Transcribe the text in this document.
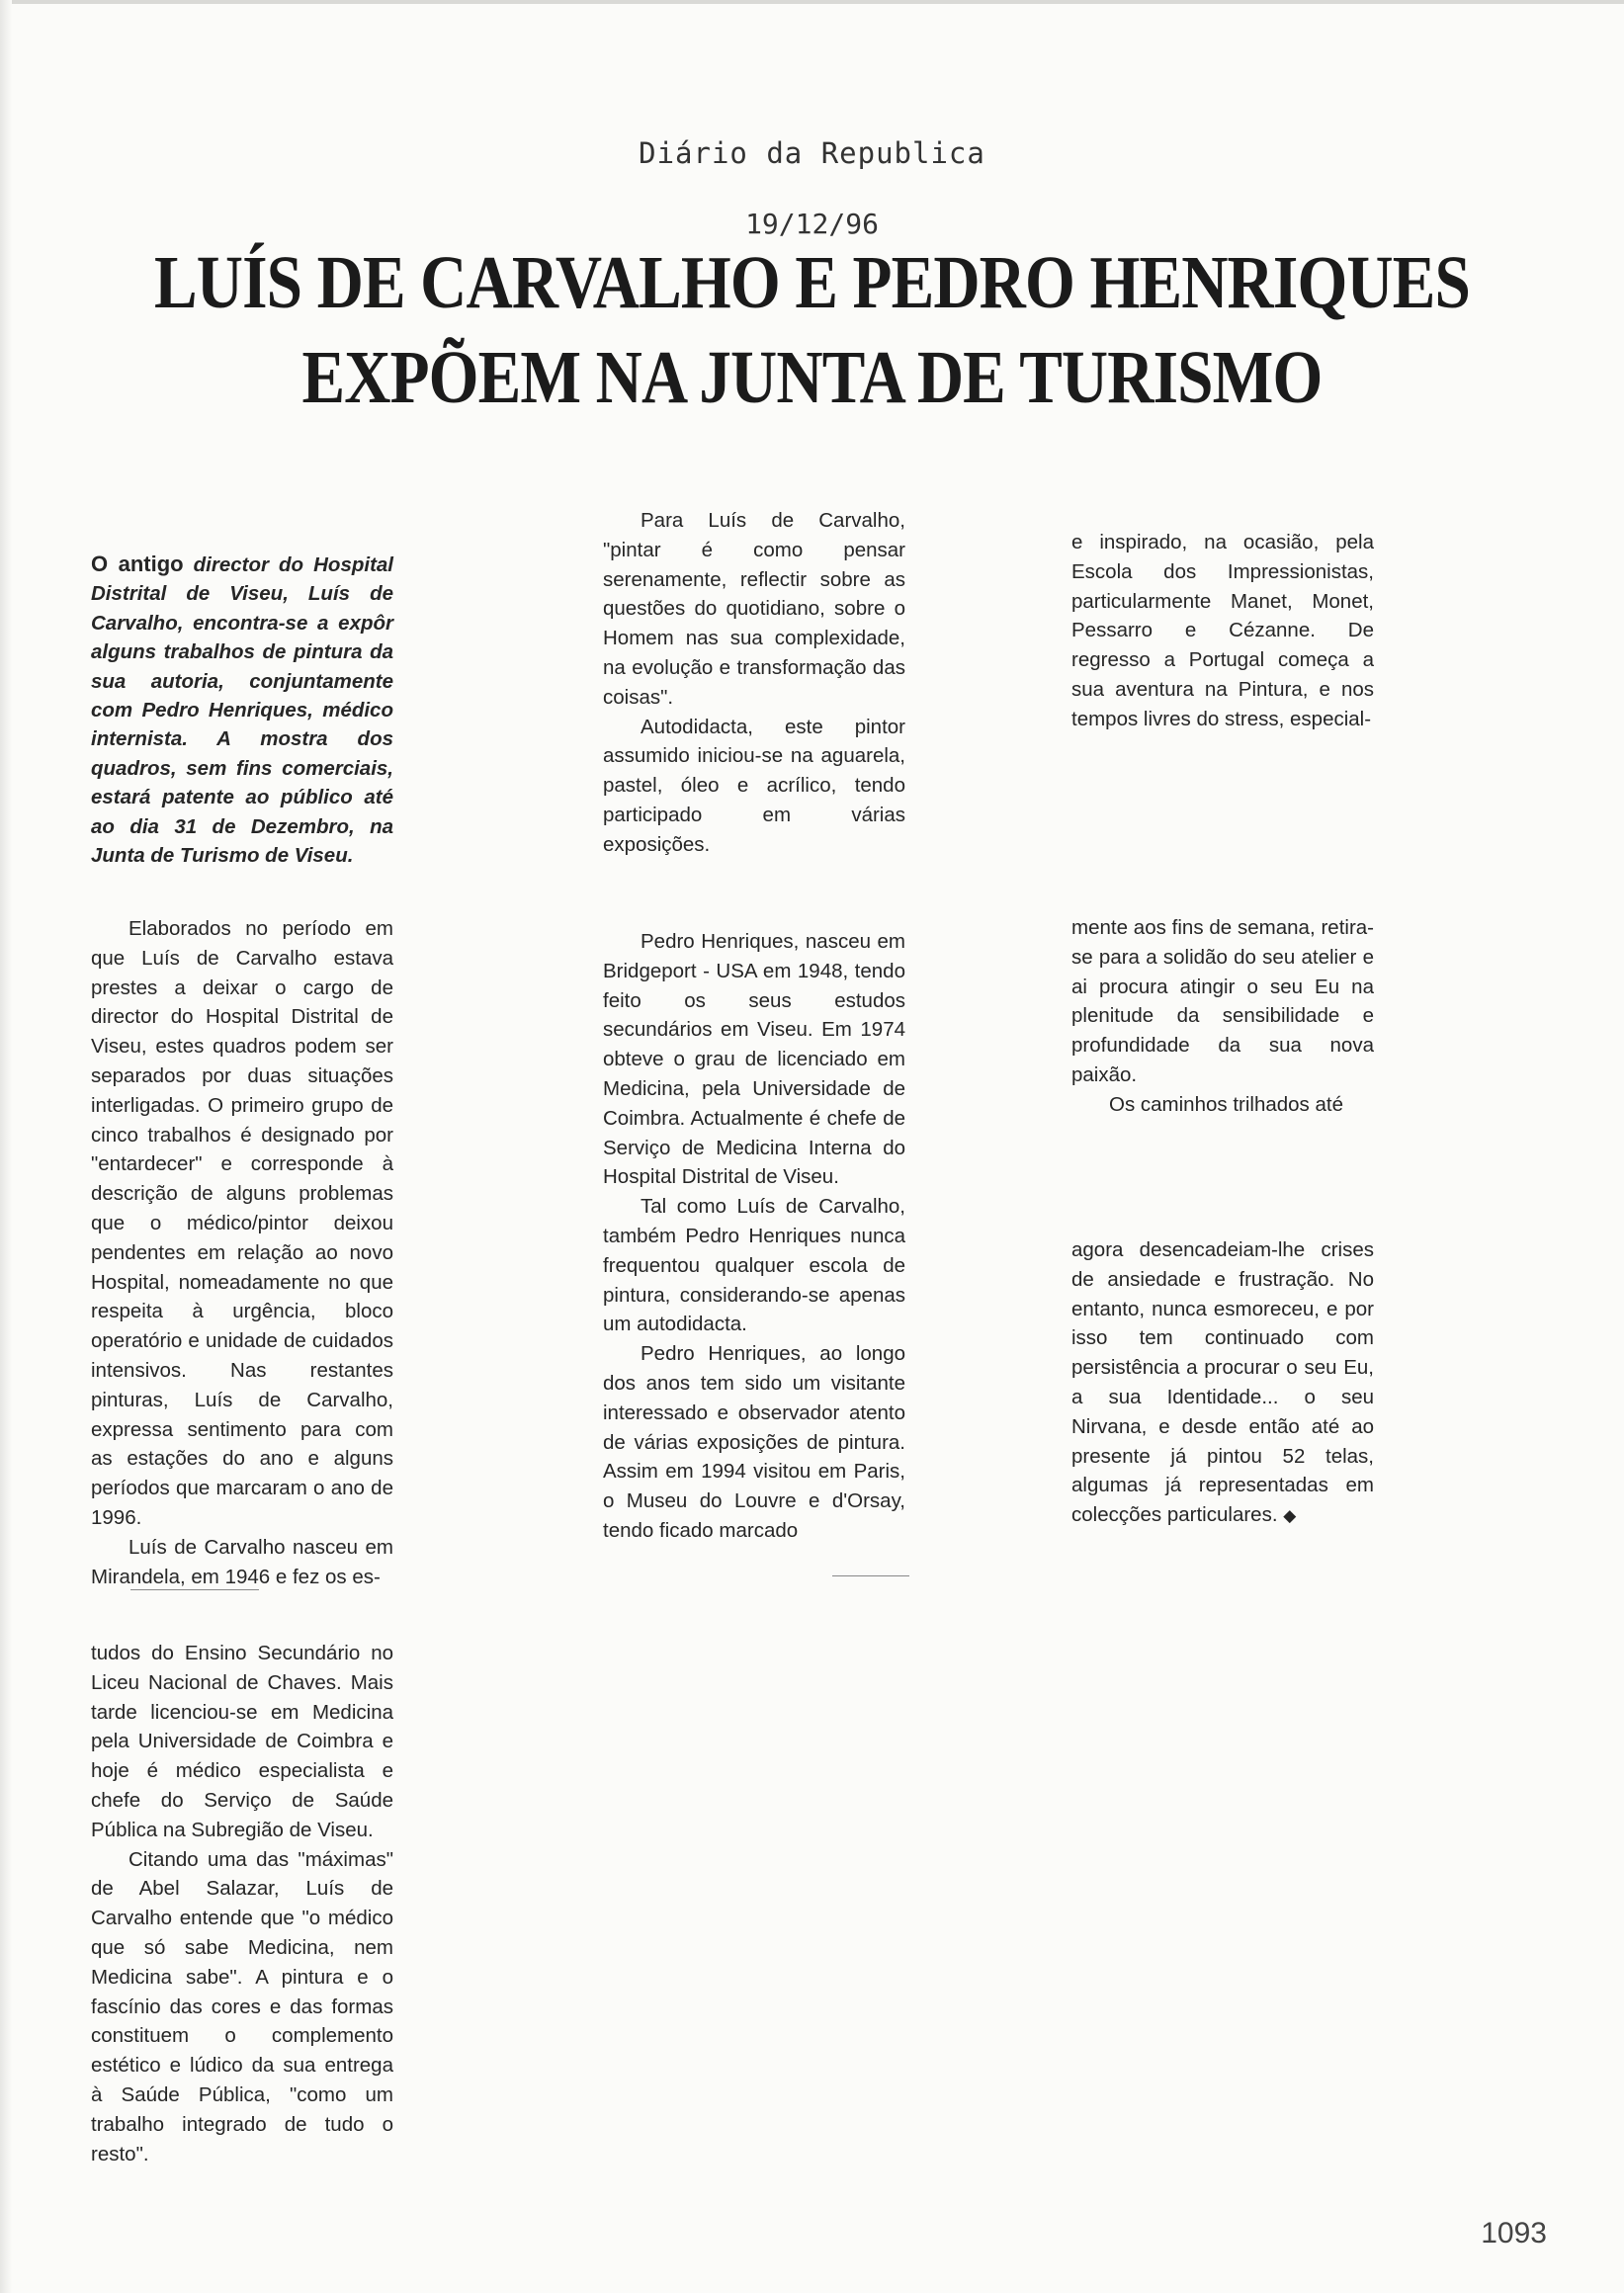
Diário da Republica
19/12/96
LUÍS DE CARVALHO E PEDRO HENRIQUES
EXPÕEM NA JUNTA DE TURISMO
O antigo director do Hospital Distrital de Viseu, Luís de Carvalho, encontra-se a expôr alguns trabalhos de pintura da sua autoria, conjuntamente com Pedro Henriques, médico internista. A mostra dos quadros, sem fins comerciais, estará patente ao público até ao dia 31 de Dezembro, na Junta de Turismo de Viseu.

Elaborados no período em que Luís de Carvalho estava prestes a deixar o cargo de director do Hospital Distrital de Viseu, estes quadros podem ser separados por duas situações interligadas. O primeiro grupo de cinco trabalhos é designado por "entardecer" e corresponde à descrição de alguns problemas que o médico/pintor deixou pendentes em relação ao novo Hospital, nomeadamente no que respeita à urgência, bloco operatório e unidade de cuidados intensivos. Nas restantes pinturas, Luís de Carvalho, expressa sentimento para com as estações do ano e alguns períodos que marcaram o ano de 1996.

Luís de Carvalho nasceu em Mirandela, em 1946 e fez os es-

tudos do Ensino Secundário no Liceu Nacional de Chaves. Mais tarde licenciou-se em Medicina pela Universidade de Coimbra e hoje é médico especialista e chefe do Serviço de Saúde Pública na Subregião de Viseu.

Citando uma das "máximas" de Abel Salazar, Luís de Carvalho entende que "o médico que só sabe Medicina, nem Medicina sabe". A pintura e o fascínio das cores e das formas constituem o complemento estético e lúdico da sua entrega à Saúde Pública, "como um trabalho integrado de tudo o resto".

Para Luís de Carvalho, "pintar é como pensar serenamente, reflectir sobre as questões do quotidiano, sobre o Homem nas sua complexidade, na evolução e transformação das coisas".

Autodidacta, este pintor assumido iniciou-se na aguarela, pastel, óleo e acrílico, tendo participado em várias exposições.

Pedro Henriques, nasceu em Bridgeport - USA em 1948, tendo feito os seus estudos secundários em Viseu. Em 1974 obteve o grau de licenciado em Medicina, pela Universidade de Coimbra. Actualmente é chefe de Serviço de Medicina Interna do Hospital Distrital de Viseu.

Tal como Luís de Carvalho, também Pedro Henriques nunca frequentou qualquer escola de pintura, considerando-se apenas um autodidacta.

Pedro Henriques, ao longo dos anos tem sido um visitante interessado e observador atento de várias exposições de pintura. Assim em 1994 visitou em Paris, o Museu do Louvre e d'Orsay, tendo ficado marcado

e inspirado, na ocasião, pela Escola dos Impressionistas, particularmente Manet, Monet, Pessarro e Cézanne. De regresso a Portugal começa a sua aventura na Pintura, e nos tempos livres do stress, especial-

mente aos fins de semana, retira-se para a solidão do seu atelier e ai procura atingir o seu Eu na plenitude da sensibilidade e profundidade da sua nova paixão.

Os caminhos trilhados até

agora desencadeiam-lhe crises de ansiedade e frustração. No entanto, nunca esmoreceu, e por isso tem continuado com persistência a procurar o seu Eu, a sua Identidade... o seu Nirvana, e desde então até ao presente já pintou 52 telas, algumas já representadas em colecções particulares. ◆

1093
